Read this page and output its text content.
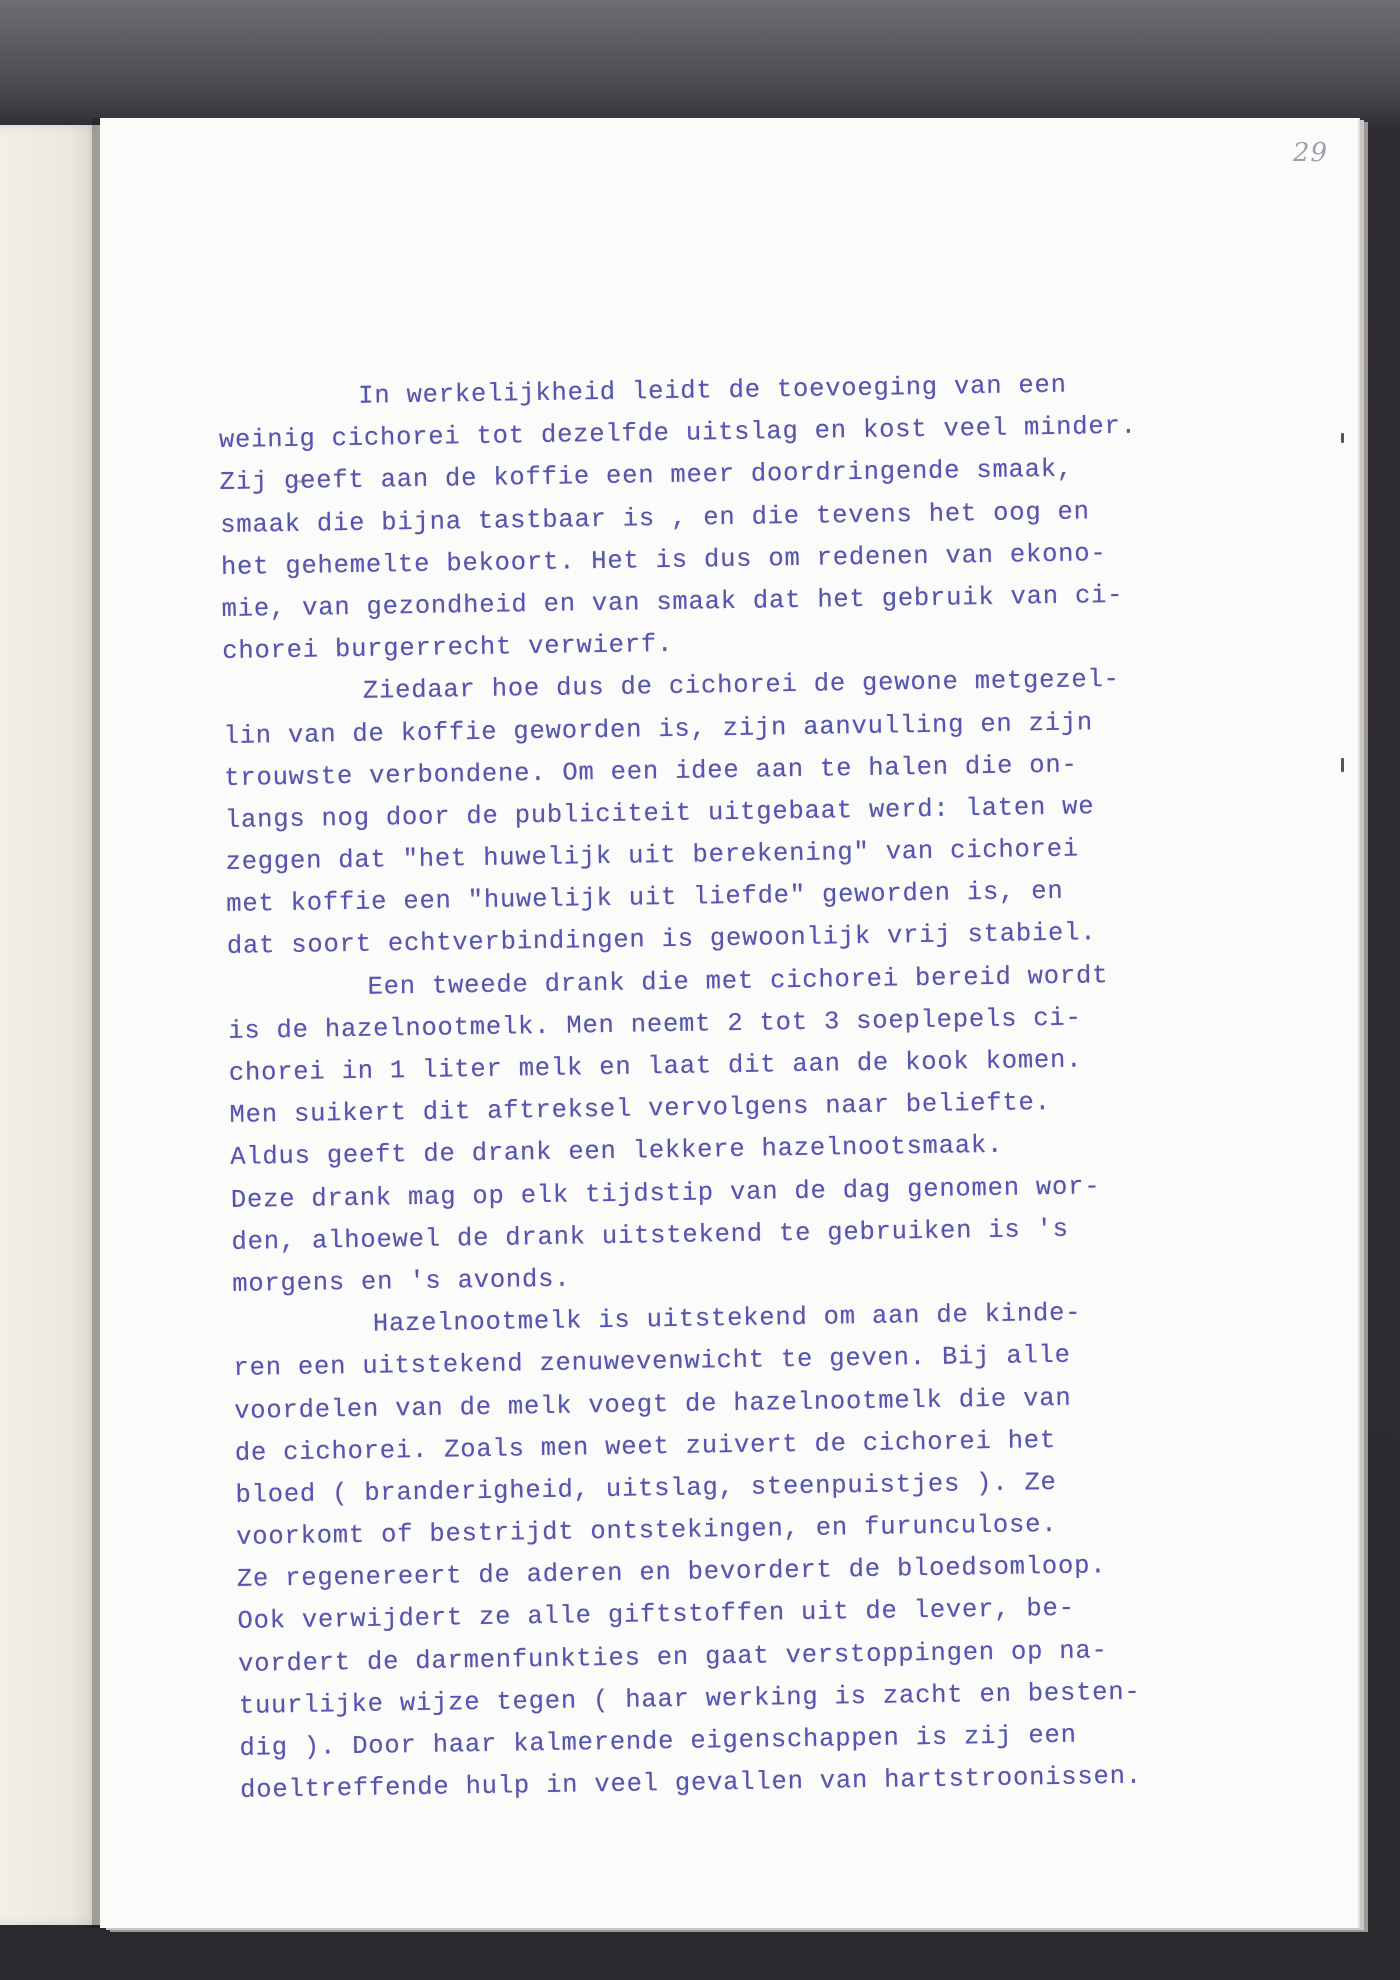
29
In werkelijkheid leidt de toevoeging van een
weinig cichorei tot dezelfde uitslag en kost veel minder.
Zij geeft aan de koffie een meer doordringende smaak,
smaak die bijna tastbaar is , en die tevens het oog en
het gehemelte bekoort. Het is dus om redenen van ekono-
mie, van gezondheid en van smaak dat het gebruik van ci-
chorei burgerrecht verwierf.
Ziedaar hoe dus de cichorei de gewone metgezel-
lin van de koffie geworden is, zijn aanvulling en zijn
trouwste verbondene. Om een idee aan te halen die on-
langs nog door de publiciteit uitgebaat werd: laten we
zeggen dat "het huwelijk uit berekening" van cichorei
met koffie een "huwelijk uit liefde" geworden is, en
dat soort echtverbindingen is gewoonlijk vrij stabiel.
Een tweede drank die met cichorei bereid wordt
is de hazelnootmelk. Men neemt 2 tot 3 soeplepels ci-
chorei in 1 liter melk en laat dit aan de kook komen.
Men suikert dit aftreksel vervolgens naar beliefte.
Aldus geeft de drank een lekkere hazelnootsmaak.
Deze drank mag op elk tijdstip van de dag genomen wor-
den, alhoewel de drank uitstekend te gebruiken is 's
morgens en 's avonds.
Hazelnootmelk is uitstekend om aan de kinde-
ren een uitstekend zenuwevenwicht te geven. Bij alle
voordelen van de melk voegt de hazelnootmelk die van
de cichorei. Zoals men weet zuivert de cichorei het
bloed ( branderigheid, uitslag, steenpuistjes ). Ze
voorkomt of bestrijdt ontstekingen, en furunculose.
Ze regenereert de aderen en bevordert de bloedsomloop.
Ook verwijdert ze alle giftstoffen uit de lever, be-
vordert de darmenfunkties en gaat verstoppingen op na-
tuurlijke wijze tegen ( haar werking is zacht en besten-
dig ). Door haar kalmerende eigenschappen is zij een
doeltreffende hulp in veel gevallen van hartstroonissen.
